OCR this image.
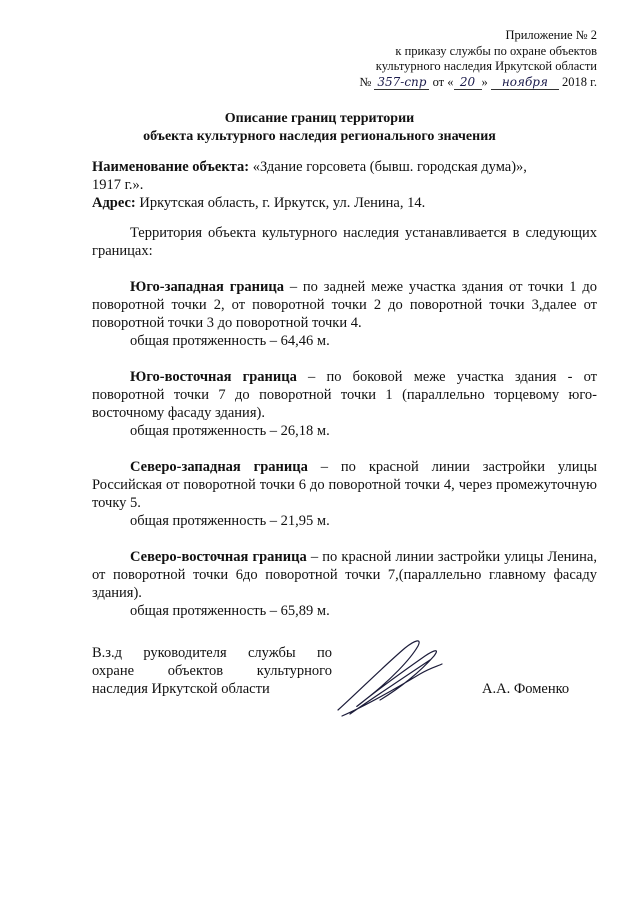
Приложение № 2
к приказу службы по охране объектов
культурного наследия Иркутской области
№ 357-спр от « 20 » ноября 2018 г.
Описание границ территории
объекта культурного наследия регионального значения

Наименование объекта: «Здание горсовета (бывш. городская дума)»,

1917 г.».

Адрес: Иркутская область, г. Иркутск, ул. Ленина, 14.

Территория объекта культурного наследия устанавливается в следующих границах:

Юго-западная граница – по задней меже участка здания от точки 1 до поворотной точки 2, от поворотной точки 2 до поворотной точки 3,далее от поворотной точки 3 до поворотной точки 4.

общая протяженность – 64,46 м.

Юго-восточная граница – по боковой меже участка здания - от поворотной точки 7 до поворотной точки 1 (параллельно торцевому юго-восточному фасаду здания).

общая протяженность – 26,18 м.

Северо-западная граница – по красной линии застройки улицы Российская от поворотной точки 6 до поворотной точки 4, через промежуточную точку 5.

общая протяженность – 21,95 м.

Северо-восточная граница – по красной линии застройки улицы Ленина, от поворотной точки 6до поворотной точки 7,(параллельно главному фасаду здания).

общая протяженность – 65,89 м.

В.з.д руководителя службы по
охране объектов культурного
наследия Иркутской области	А.А. Фоменко
